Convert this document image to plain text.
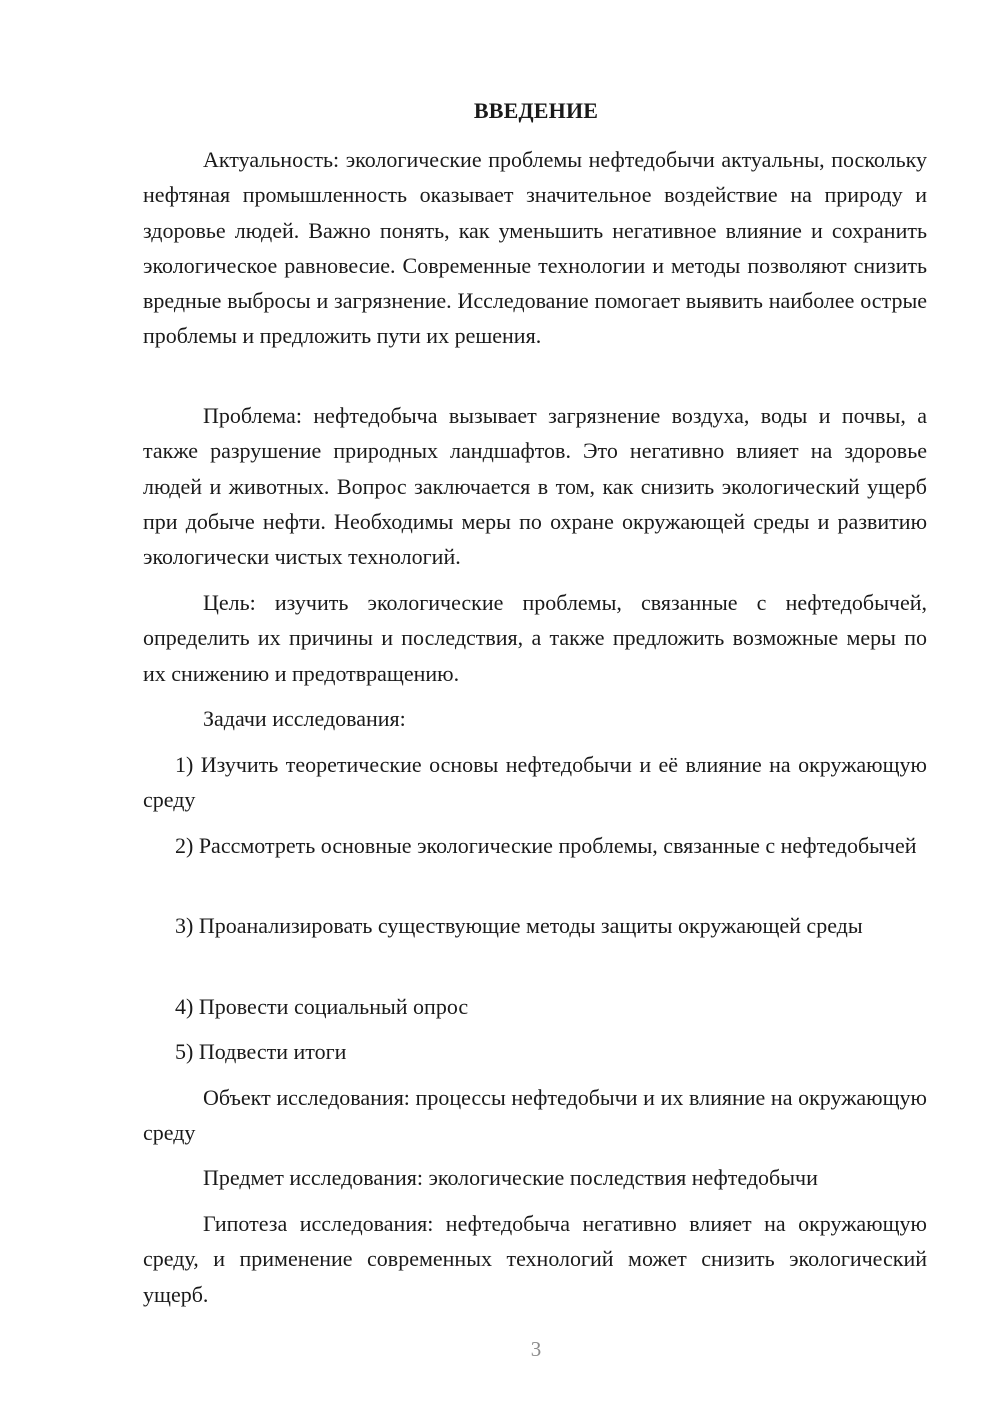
ВВЕДЕНИЕ

Актуальность: экологические проблемы нефтедобычи актуальны, поскольку нефтяная промышленность оказывает значительное воздействие на природу и здоровье людей. Важно понять, как уменьшить негативное влияние и сохранить экологическое равновесие. Современные технологии и методы позволяют снизить вредные выбросы и загрязнение. Исследование помогает выявить наиболее острые проблемы и предложить пути их решения.

Проблема: нефтедобыча вызывает загрязнение воздуха, воды и почвы, а также разрушение природных ландшафтов. Это негативно влияет на здоровье людей и животных. Вопрос заключается в том, как снизить экологический ущерб при добыче нефти. Необходимы меры по охране окружающей среды и развитию экологически чистых технологий.

Цель: изучить экологические проблемы, связанные с нефтедобычей, определить их причины и последствия, а также предложить возможные меры по их снижению и предотвращению.

Задачи исследования:

1) Изучить теоретические основы нефтедобычи и её влияние на окружающую среду

2) Рассмотреть основные экологические проблемы, связанные с нефтедобычей

3) Проанализировать существующие методы защиты окружающей среды

4) Провести социальный опрос

5) Подвести итоги

Объект исследования: процессы нефтедобычи и их влияние на окружающую среду

Предмет исследования: экологические последствия нефтедобычи

Гипотеза исследования: нефтедобыча негативно влияет на окружающую среду, и применение современных технологий может снизить экологический ущерб.

3
